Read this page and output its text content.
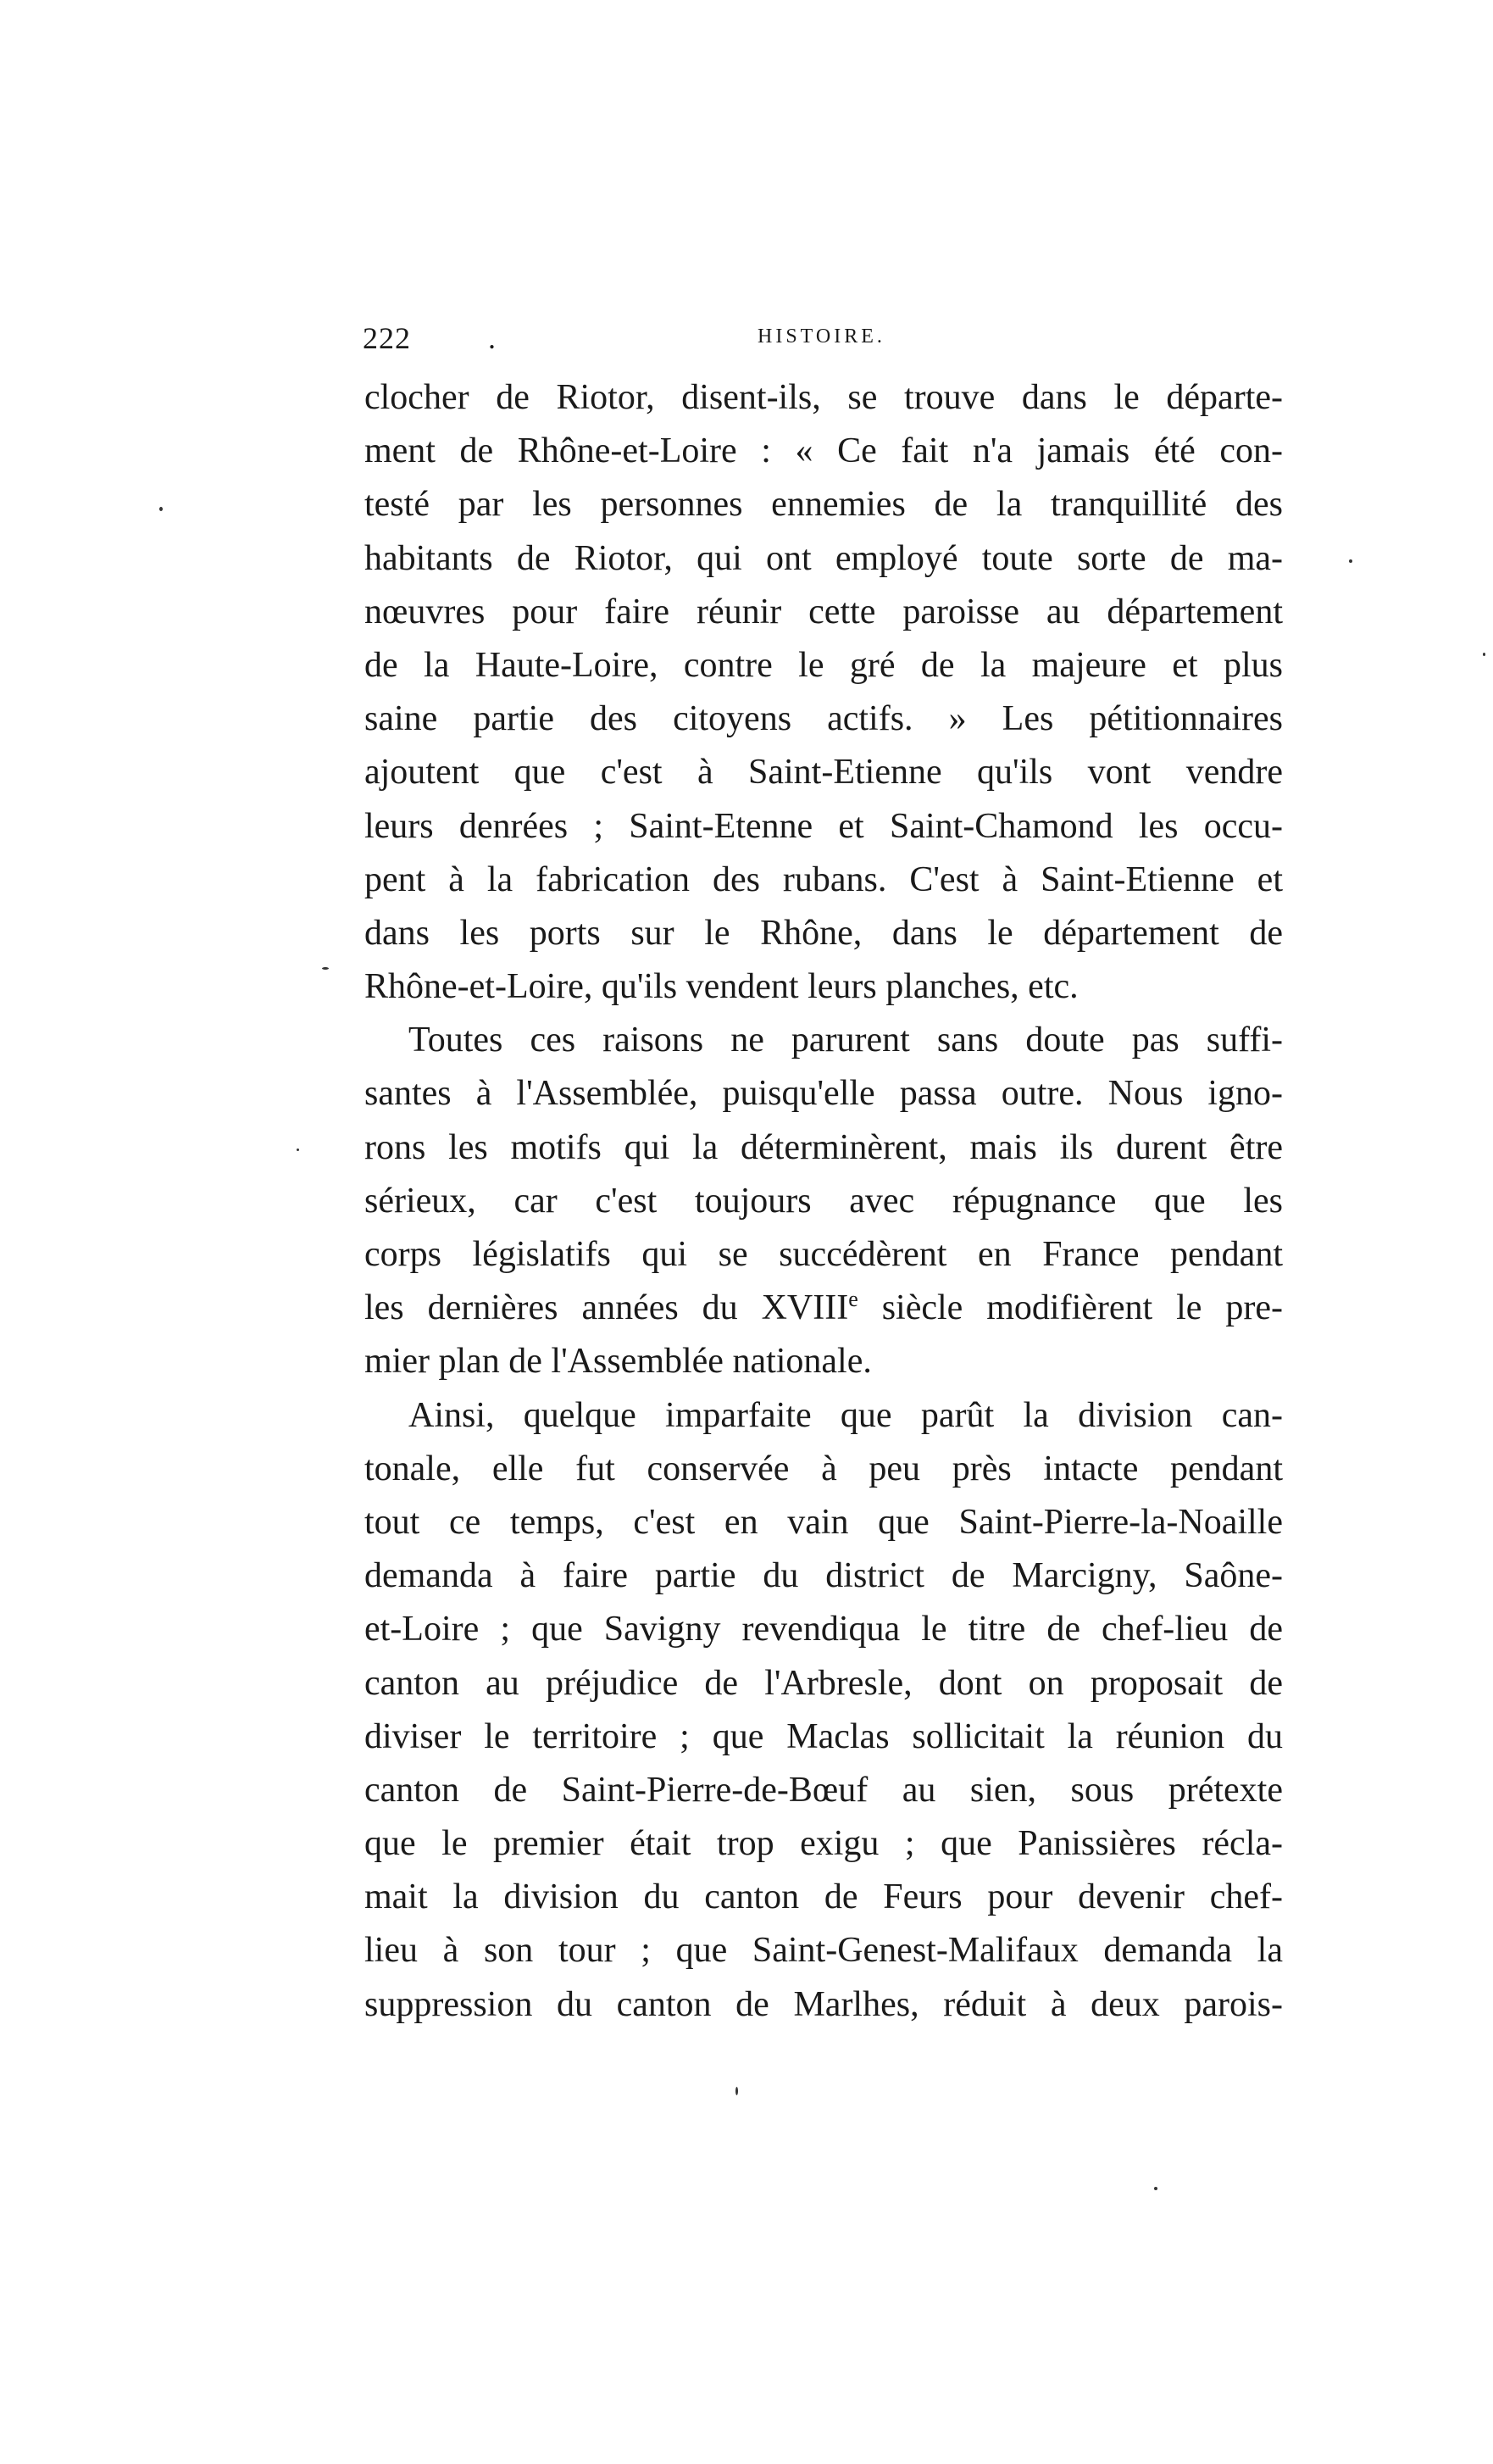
222	.	HISTOIRE.
clocher de Riotor, disent-ils, se trouve dans le départe-
ment de Rhône-et-Loire : « Ce fait n'a jamais été con-
testé par les personnes ennemies de la tranquillité des
habitants de Riotor, qui ont employé toute sorte de ma-
nœuvres pour faire réunir cette paroisse au département
de la Haute-Loire, contre le gré de la majeure et plus
saine partie des citoyens actifs. » Les pétitionnaires
ajoutent que c'est à Saint-Etienne qu'ils vont vendre
leurs denrées ; Saint-Etenne et Saint-Chamond les occu-
pent à la fabrication des rubans. C'est à Saint-Etienne et
dans les ports sur le Rhône, dans le département de
Rhône-et-Loire, qu'ils vendent leurs planches, etc.
Toutes ces raisons ne parurent sans doute pas suffi-
santes à l'Assemblée, puisqu'elle passa outre. Nous igno-
rons les motifs qui la déterminèrent, mais ils durent être
sérieux, car c'est toujours avec répugnance que les
corps législatifs qui se succédèrent en France pendant
les dernières années du XVIIIe siècle modifièrent le pre-
mier plan de l'Assemblée nationale.
Ainsi, quelque imparfaite que parût la division can-
tonale, elle fut conservée à peu près intacte pendant
tout ce temps, c'est en vain que Saint-Pierre-la-Noaille
demanda à faire partie du district de Marcigny, Saône-
et-Loire ; que Savigny revendiqua le titre de chef-lieu de
canton au préjudice de l'Arbresle, dont on proposait de
diviser le territoire ; que Maclas sollicitait la réunion du
canton de Saint-Pierre-de-Bœuf au sien, sous prétexte
que le premier était trop exigu ; que Panissières récla-
mait la division du canton de Feurs pour devenir chef-
lieu à son tour ; que Saint-Genest-Malifaux demanda la
suppression du canton de Marlhes, réduit à deux parois-
